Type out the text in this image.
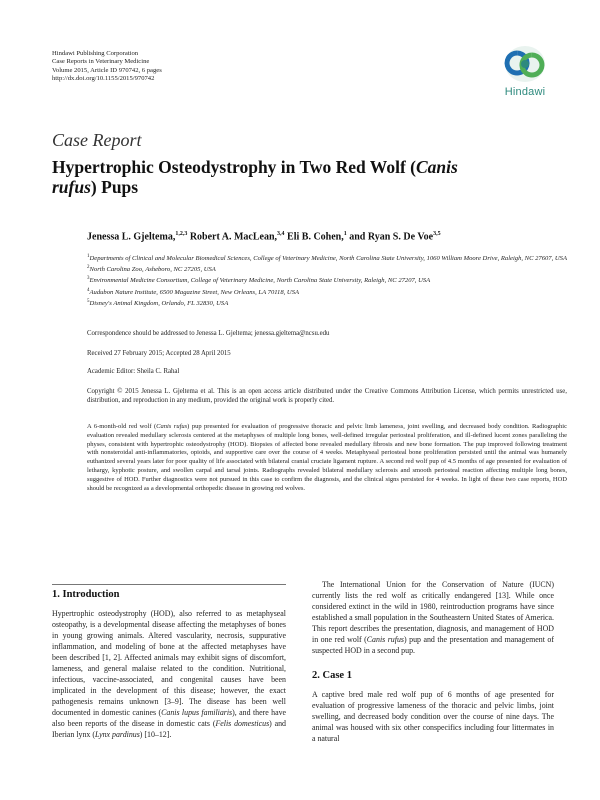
Hindawi Publishing Corporation
Case Reports in Veterinary Medicine
Volume 2015, Article ID 970742, 6 pages
http://dx.doi.org/10.1155/2015/970742
Hindawi
Case Report
Hypertrophic Osteodystrophy in Two Red Wolf (Canis rufus) Pups
Jenessa L. Gjeltema,$^{1,2,3}$ Robert A. MacLean,$^{3,4}$ Eli B. Cohen,$^1$ and Ryan S. De Voe$^{3,5}$
$^1$Departments of Clinical and Molecular Biomedical Sciences, College of Veterinary Medicine, North Carolina State University, 1060 William Moore Drive, Raleigh, NC 27607, USA
$^2$North Carolina Zoo, Asheboro, NC 27205, USA
$^3$Environmental Medicine Consortium, College of Veterinary Medicine, North Carolina State University, Raleigh, NC 27207, USA
$^4$Audubon Nature Institute, 6500 Magazine Street, New Orleans, LA 70118, USA
$^5$Disney's Animal Kingdom, Orlando, FL 32830, USA
Correspondence should be addressed to Jenessa L. Gjeltema; jenessa.gjeltema@ncsu.edu
Received 27 February 2015; Accepted 28 April 2015
Academic Editor: Sheila C. Rahal
Copyright © 2015 Jenessa L. Gjeltema et al. This is an open access article distributed under the Creative Commons Attribution License, which permits unrestricted use, distribution, and reproduction in any medium, provided the original work is properly cited.
A 6-month-old red wolf (Canis rufus) pup presented for evaluation of progressive thoracic and pelvic limb lameness, joint swelling, and decreased body condition. Radiographic evaluation revealed medullary sclerosis centered at the metaphyses of multiple long bones, well-defined irregular periosteal proliferation, and ill-defined lucent zones paralleling the physes, consistent with hypertrophic osteodystrophy (HOD). Biopsies of affected bone revealed medullary fibrosis and new bone formation. The pup improved following treatment with nonsteroidal anti-inflammatories, opioids, and supportive care over the course of 4 weeks. Metaphyseal periosteal bone proliferation persisted until the animal was humanely euthanized several years later for poor quality of life associated with bilateral cranial cruciate ligament rupture. A second red wolf pup of 4.5 months of age presented for evaluation of lethargy, kyphotic posture, and swollen carpal and tarsal joints. Radiographs revealed bilateral medullary sclerosis and smooth periosteal reaction affecting multiple long bones, suggestive of HOD. Further diagnostics were not pursued in this case to confirm the diagnosis, and the clinical signs persisted for 4 weeks. In light of these two case reports, HOD should be recognized as a developmental orthopedic disease in growing red wolves.
1. Introduction
Hypertrophic osteodystrophy (HOD), also referred to as metaphyseal osteopathy, is a developmental disease affecting the metaphyses of bones in young growing animals. Altered vascularity, necrosis, suppurative inflammation, and modeling of bone at the affected metaphyses have been described [1, 2]. Affected animals may exhibit signs of discomfort, lameness, and general malaise related to the condition. Nutritional, infectious, vaccine-associated, and congenital causes have been implicated in the development of this disease; however, the exact pathogenesis remains unknown [3–9]. The disease has been well documented in domestic canines (Canis lupus familiaris), and there have also been reports of the disease in domestic cats (Felis domesticus) and Iberian lynx (Lynx pardinus) [10–12].
The International Union for the Conservation of Nature (IUCN) currently lists the red wolf as critically endangered [13]. While once considered extinct in the wild in 1980, reintroduction programs have since established a small population in the Southeastern United States of America. This report describes the presentation, diagnosis, and management of HOD in one red wolf (Canis rufus) pup and the presentation and management of suspected HOD in a second pup.
2. Case 1
A captive bred male red wolf pup of 6 months of age presented for evaluation of progressive lameness of the thoracic and pelvic limbs, joint swelling, and decreased body condition over the course of nine days. The animal was housed with six other conspecifics including four littermates in a natural
